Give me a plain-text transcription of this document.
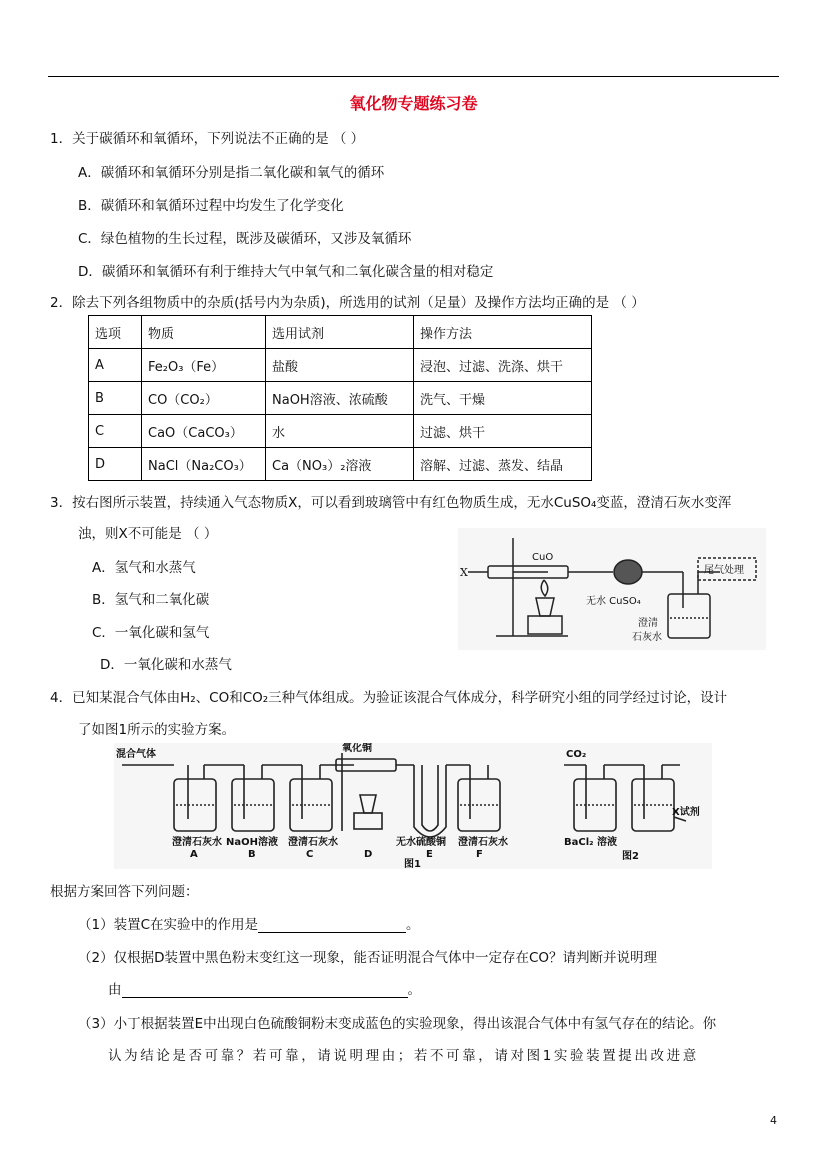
氧化物专题练习卷
1．关于碳循环和氧循环，下列说法不正确的是 （ ）
A．碳循环和氧循环分别是指二氧化碳和氧气的循环
B．碳循环和氧循环过程中均发生了化学变化
C．绿色植物的生长过程，既涉及碳循环，又涉及氧循环
D．碳循环和氧循环有利于维持大气中氧气和二氧化碳含量的相对稳定
2．除去下列各组物质中的杂质(括号内为杂质)，所选用的试剂（足量）及操作方法均正确的是 （ ）
选项	物质	选用试剂	操作方法
A	Fe₂O₃（Fe）	盐酸	浸泡、过滤、洗涤、烘干
B	CO（CO₂）	NaOH溶液、浓硫酸	洗气、干燥
C	CaO（CaCO₃）	水	过滤、烘干
D	NaCl（Na₂CO₃）	Ca（NO₃）₂溶液	溶解、过滤、蒸发、结晶
3．按右图所示装置，持续通入气态物质X，可以看到玻璃管中有红色物质生成，无水CuSO₄变蓝，澄清石灰水变浑
浊，则X不可能是 （ ）
A．氢气和水蒸气
B．氢气和二氧化碳
C．一氧化碳和氢气
D．一氧化碳和水蒸气
X
CuO
无水 CuSO₄
澄清
石灰水
尾气处理
4．已知某混合气体由H₂、CO和CO₂三种气体组成。为验证该混合气体成分，科学研究小组的同学经过讨论，设计
了如图1所示的实验方案。
混合气体
氧化铜
澄清石灰水 NaOH溶液 澄清石灰水	无水硫酸铜 澄清石灰水
A	B	C	D	E	F
图1
CO₂
X试剂
BaCl₂ 溶液
图2
根据方案回答下列问题：
（1）装置C在实验中的作用是	。
（2）仅根据D装置中黑色粉末变红这一现象，能否证明混合气体中一定存在CO？请判断并说明理
由	。
（3）小丁根据装置E中出现白色硫酸铜粉末变成蓝色的实验现象，得出该混合气体中有氢气存在的结论。你
认为结论是否可靠？若可靠，请说明理由；若不可靠，请对图1实验装置提出改进意
4
